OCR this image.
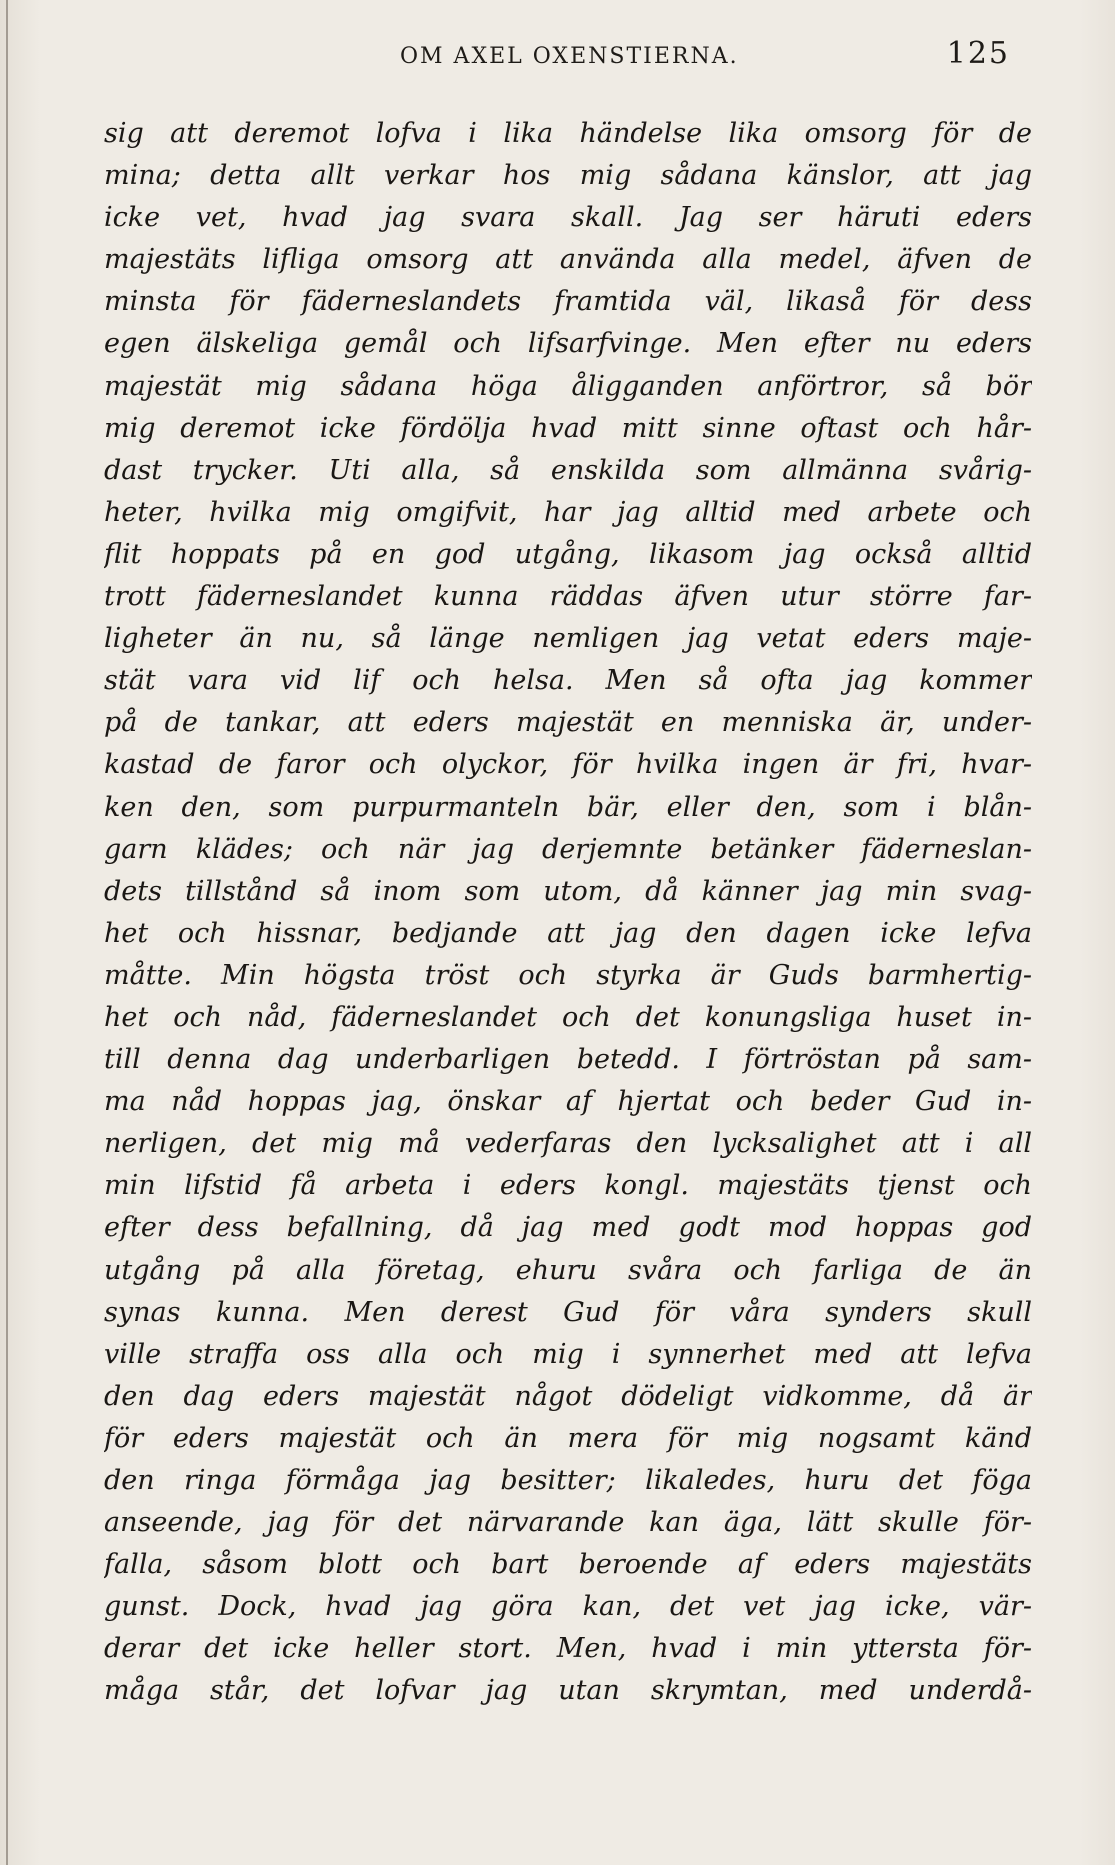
OM AXEL OXENSTIERNA.	125
sig att deremot lofva i lika händelse lika omsorg för de
mina; detta allt verkar hos mig sådana känslor, att jag
icke vet, hvad jag svara skall. Jag ser häruti eders
majestäts lifliga omsorg att använda alla medel, äfven de
minsta för fäderneslandets framtida väl, likaså för dess
egen älskeliga gemål och lifsarfvinge. Men efter nu eders
majestät mig sådana höga åligganden anförtror, så bör
mig deremot icke fördölja hvad mitt sinne oftast och hår-
dast trycker. Uti alla, så enskilda som allmänna svårig-
heter, hvilka mig omgifvit, har jag alltid med arbete och
flit hoppats på en god utgång, likasom jag också alltid
trott fäderneslandet kunna räddas äfven utur större far-
ligheter än nu, så länge nemligen jag vetat eders maje-
stät vara vid lif och helsa. Men så ofta jag kommer
på de tankar, att eders majestät en menniska är, under-
kastad de faror och olyckor, för hvilka ingen är fri, hvar-
ken den, som purpurmanteln bär, eller den, som i blån-
garn klädes; och när jag derjemnte betänker fäderneslan-
dets tillstånd så inom som utom, då känner jag min svag-
het och hissnar, bedjande att jag den dagen icke lefva
måtte. Min högsta tröst och styrka är Guds barmhertig-
het och nåd, fäderneslandet och det konungsliga huset in-
till denna dag underbarligen betedd. I förtröstan på sam-
ma nåd hoppas jag, önskar af hjertat och beder Gud in-
nerligen, det mig må vederfaras den lycksalighet att i all
min lifstid få arbeta i eders kongl. majestäts tjenst och
efter dess befallning, då jag med godt mod hoppas god
utgång på alla företag, ehuru svåra och farliga de än
synas kunna. Men derest Gud för våra synders skull
ville straffa oss alla och mig i synnerhet med att lefva
den dag eders majestät något dödeligt vidkomme, då är
för eders majestät och än mera för mig nogsamt känd
den ringa förmåga jag besitter; likaledes, huru det föga
anseende, jag för det närvarande kan äga, lätt skulle för-
falla, såsom blott och bart beroende af eders majestäts
gunst. Dock, hvad jag göra kan, det vet jag icke, vär-
derar det icke heller stort. Men, hvad i min yttersta för-
måga står, det lofvar jag utan skrymtan, med underdå-
